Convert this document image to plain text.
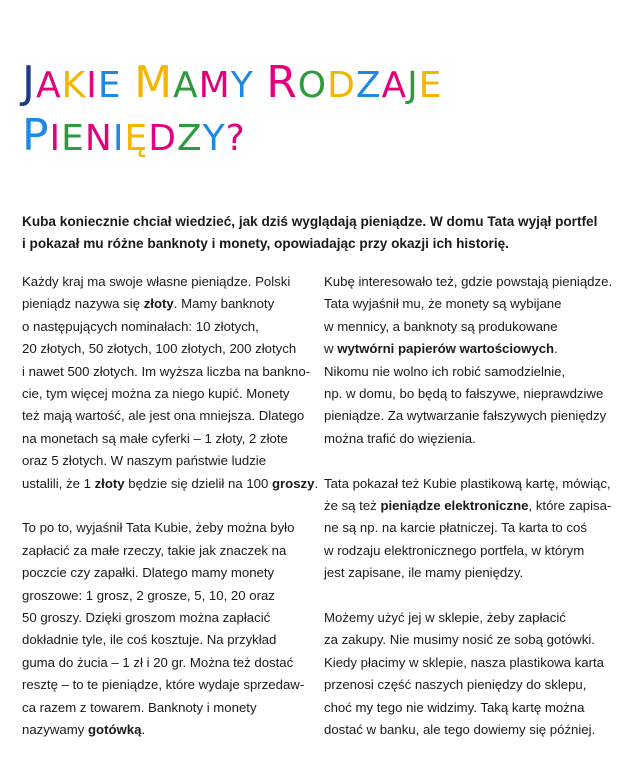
JAKIE MAMY RODZAJE
PIENIĘDZY?
Kuba koniecznie chciał wiedzieć, jak dziś wyglądają pieniądze. W domu Tata wyjął portfel
i pokazał mu różne banknoty i monety, opowiadając przy okazji ich historię.

Każdy kraj ma swoje własne pieniądze. Polski
pieniądz nazywa się złoty. Mamy banknoty
o następujących nominałach: 10 złotych,
20 złotych, 50 złotych, 100 złotych, 200 złotych
i nawet 500 złotych. Im wyższa liczba na bankno-
cie, tym więcej można za niego kupić. Monety
też mają wartość, ale jest ona mniejsza. Dlatego
na monetach są małe cyferki – 1 złoty, 2 złote
oraz 5 złotych. W naszym państwie ludzie
ustalili, że 1 złoty będzie się dzielił na 100 groszy.

To po to, wyjaśnił Tata Kubie, żeby można było
zapłacić za małe rzeczy, takie jak znaczek na
poczcie czy zapałki. Dlatego mamy monety
groszowe: 1 grosz, 2 grosze, 5, 10, 20 oraz
50 groszy. Dzięki groszom można zapłacić
dokładnie tyle, ile coś kosztuje. Na przykład
guma do żucia – 1 zł i 20 gr. Można też dostać
resztę – to te pieniądze, które wydaje sprzedaw-
ca razem z towarem. Banknoty i monety
nazywamy gotówką.

Kubę interesowało też, gdzie powstają pieniądze.
Tata wyjaśnił mu, że monety są wybijane
w mennicy, a banknoty są produkowane
w wytwórni papierów wartościowych.
Nikomu nie wolno ich robić samodzielnie,
np. w domu, bo będą to fałszywe, nieprawdziwe
pieniądze. Za wytwarzanie fałszywych pieniędzy
można trafić do więzienia.

Tata pokazał też Kubie plastikową kartę, mówiąc,
że są też pieniądze elektroniczne, które zapisa-
ne są np. na karcie płatniczej. Ta karta to coś
w rodzaju elektronicznego portfela, w którym
jest zapisane, ile mamy pieniędzy.

Możemy użyć jej w sklepie, żeby zapłacić
za zakupy. Nie musimy nosić ze sobą gotówki.
Kiedy płacimy w sklepie, nasza plastikowa karta
przenosi część naszych pieniędzy do sklepu,
choć my tego nie widzimy. Taką kartę można
dostać w banku, ale tego dowiemy się później.
